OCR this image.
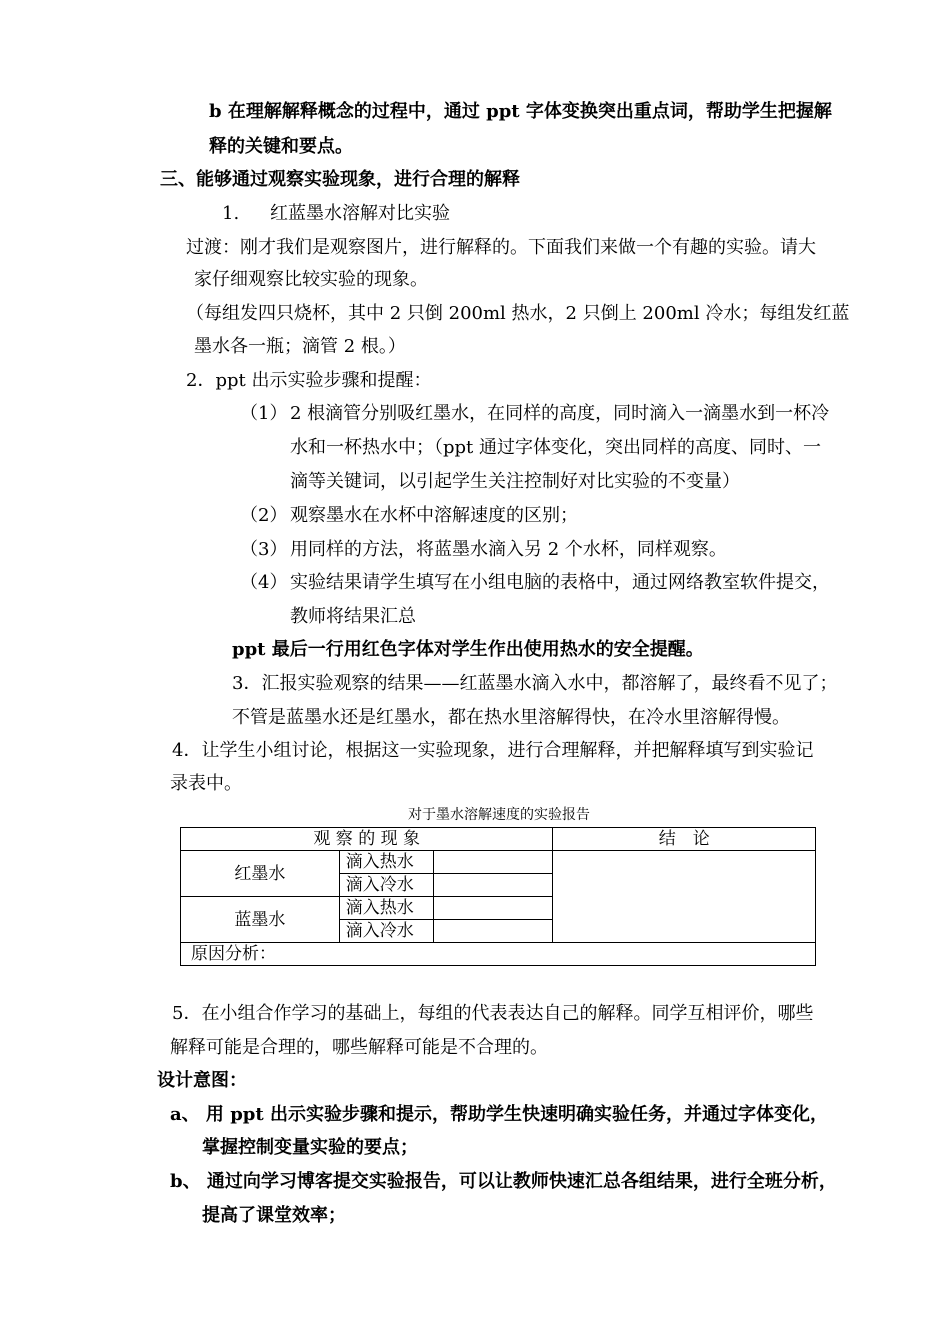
b 在理解解释概念的过程中，通过 ppt 字体变换突出重点词，帮助学生把握解
释的关键和要点。
三、能够通过观察实验现象，进行合理的解释
1. 红蓝墨水溶解对比实验
过渡：刚才我们是观察图片，进行解释的。下面我们来做一个有趣的实验。请大
家仔细观察比较实验的现象。
（每组发四只烧杯，其中 2 只倒 200ml 热水，2 只倒上 200ml 冷水；每组发红蓝
墨水各一瓶；滴管 2 根。）
2．ppt 出示实验步骤和提醒：
（1） 2 根滴管分别吸红墨水，在同样的高度，同时滴入一滴墨水到一杯冷
水和一杯热水中；（ppt 通过字体变化，突出同样的高度、同时、一
滴等关键词，以引起学生关注控制好对比实验的不变量）
（2） 观察墨水在水杯中溶解速度的区别；
（3） 用同样的方法，将蓝墨水滴入另 2 个水杯，同样观察。
（4） 实验结果请学生填写在小组电脑的表格中，通过网络教室软件提交，
教师将结果汇总
ppt 最后一行用红色字体对学生作出使用热水的安全提醒。
3．汇报实验观察的结果——红蓝墨水滴入水中，都溶解了，最终看不见了；
不管是蓝墨水还是红墨水，都在热水里溶解得快，在冷水里溶解得慢。
4．让学生小组讨论，根据这一实验现象，进行合理解释，并把解释填写到实验记
录表中。
对于墨水溶解速度的实验报告
观 察 的 现 象			结　论
红墨水	滴入热水		
	滴入冷水		
蓝墨水	滴入热水		
	滴入冷水		
原因分析：			
5．在小组合作学习的基础上，每组的代表表达自己的解释。同学互相评价，哪些
解释可能是合理的，哪些解释可能是不合理的。
设计意图：
a、 用 ppt 出示实验步骤和提示，帮助学生快速明确实验任务，并通过字体变化，
掌握控制变量实验的要点；
b、 通过向学习博客提交实验报告，可以让教师快速汇总各组结果，进行全班分析，
提高了课堂效率；
